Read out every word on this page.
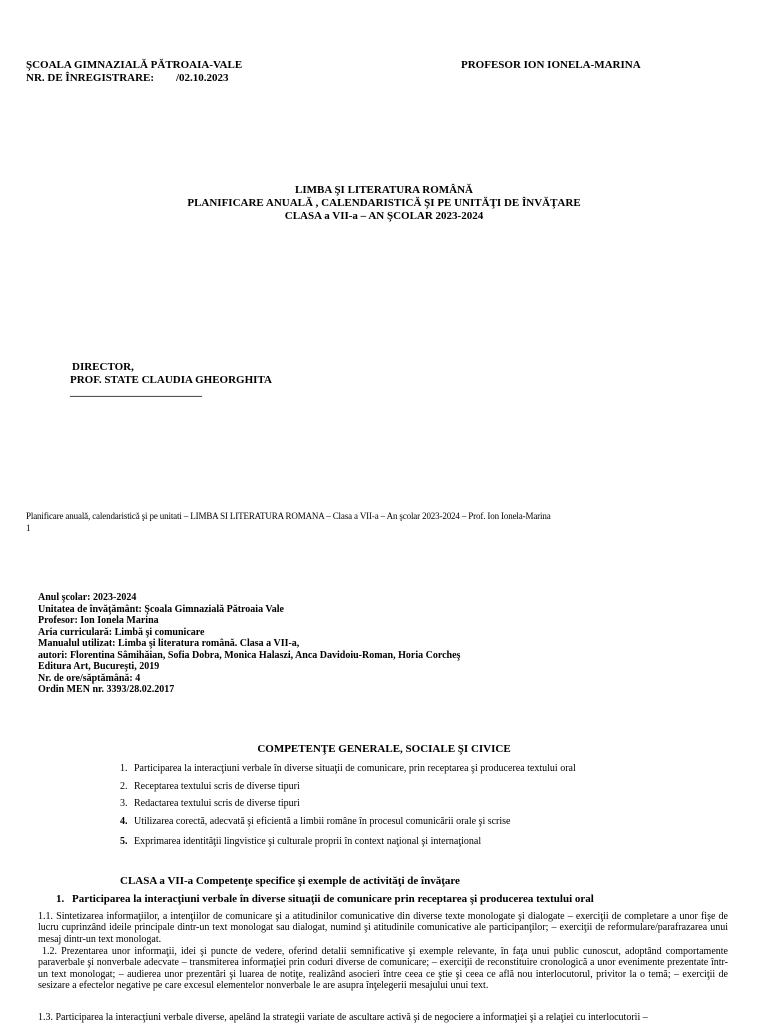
ŞCOALA GIMNAZIALĂ PĂTROAIA-VALE
NR. DE ÎNREGISTRARE: /02.10.2023
PROFESOR ION IONELA-MARINA
LIMBA ŞI LITERATURA ROMÂNĂ
PLANIFICARE ANUALĂ , CALENDARISTICĂ ŞI PE UNITĂŢI DE ÎNVĂŢARE
CLASA a VII-a – AN ŞCOLAR 2023-2024
DIRECTOR,
PROF. STATE CLAUDIA GHEORGHITA
________________________
Planificare anuală, calendaristică şi pe unitati – LIMBA SI LITERATURA ROMANA – Clasa a VII-a – An şcolar 2023-2024 – Prof. Ion Ionela-Marina
1
Anul şcolar: 2023-2024
Unitatea de învăţământ: Şcoala Gimnazială Pătroaia Vale
Profesor: Ion Ionela Marina
Aria curriculară: Limbă şi comunicare
Manualul utilizat: Limba şi literatura română. Clasa a VII-a,
autori: Florentina Sâmihăian, Sofia Dobra, Monica Halaszi, Anca Davidoiu-Roman, Horia Corcheş
Editura Art, Bucureşti, 2019
Nr. de ore/săptămână: 4
Ordin MEN nr. 3393/28.02.2017
COMPETENŢE GENERALE, SOCIALE ŞI CIVICE
1. Participarea la interacţiuni verbale în diverse situaţii de comunicare, prin receptarea şi producerea textului oral
2. Receptarea textului scris de diverse tipuri
3. Redactarea textului scris de diverse tipuri
4. Utilizarea corectă, adecvată şi eficientă a limbii române în procesul comunicării orale şi scrise
5. Exprimarea identităţii lingvistice şi culturale proprii în context naţional şi internaţional
CLASA a VII-a Competenţe specifice şi exemple de activităţi de învăţare
1. Participarea la interacţiuni verbale în diverse situaţii de comunicare prin receptarea şi producerea textului oral
1.1. Sintetizarea informaţiilor, a intenţiilor de comunicare şi a atitudinilor comunicative din diverse texte monologate şi dialogate – exerciţii de completare a unor fişe de lucru cuprinzând ideile principale dintr-un text monologat sau dialogat, numind şi atitudinile comunicative ale participanţilor; – exerciţii de reformulare/parafrazarea unui mesaj dintr-un text monologat.
1.2. Prezentarea unor informaţii, idei şi puncte de vedere, oferind detalii semnificative şi exemple relevante, în faţa unui public cunoscut, adoptând comportamente paraverbale şi nonverbale adecvate – transmiterea informaţiei prin coduri diverse de comunicare; – exerciţii de reconstituire cronologică a unor evenimente prezentate într-un text monologat; – audierea unor prezentări şi luarea de notiţe, realizând asocieri între ceea ce ştie şi ceea ce află nou interlocutorul, privitor la o temă; – exerciţii de sesizare a efectelor negative pe care excesul elementelor nonverbale le are asupra înţelegerii mesajului unui text.
1.3. Participarea la interacţiuni verbale diverse, apelând la strategii variate de ascultare activă şi de negociere a informaţiei şi a relaţiei cu interlocutorii –
